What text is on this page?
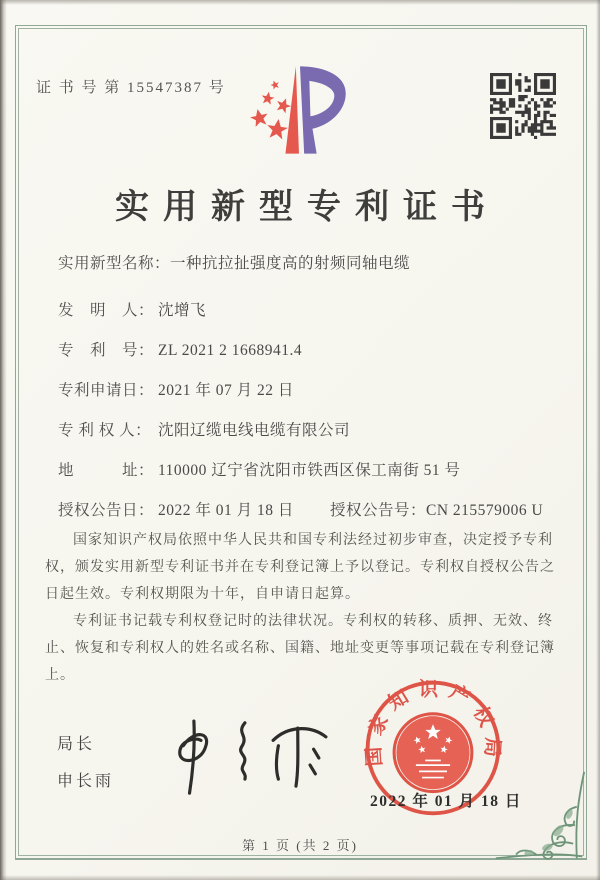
证 书 号 第 15547387 号
实用新型专利证书
实用新型名称：一种抗拉扯强度高的射频同轴电缆
发　明　人： 沈增飞
专　利　号： ZL 2021 2 1668941.4
专利申请日： 2021 年 07 月 22 日
专 利 权 人： 沈阳辽缆电线电缆有限公司
地　　　址： 110000 辽宁省沈阳市铁西区保工南街 51 号
授权公告日： 2022 年 01 月 18 日	授权公告号：CN 215579006 U

国家知识产权局依照中华人民共和国专利法经过初步审查，决定授予专利权，颁发实用新型专利证书并在专利登记簿上予以登记。专利权自授权公告之日起生效。专利权期限为十年，自申请日起算。

专利证书记载专利权登记时的法律状况。专利权的转移、质押、无效、终止、恢复和专利权人的姓名或名称、国籍、地址变更等事项记载在专利登记簿上。

局长
申长雨
国家知识产权局
2022 年 01 月 18 日
第 1 页 (共 2 页)
